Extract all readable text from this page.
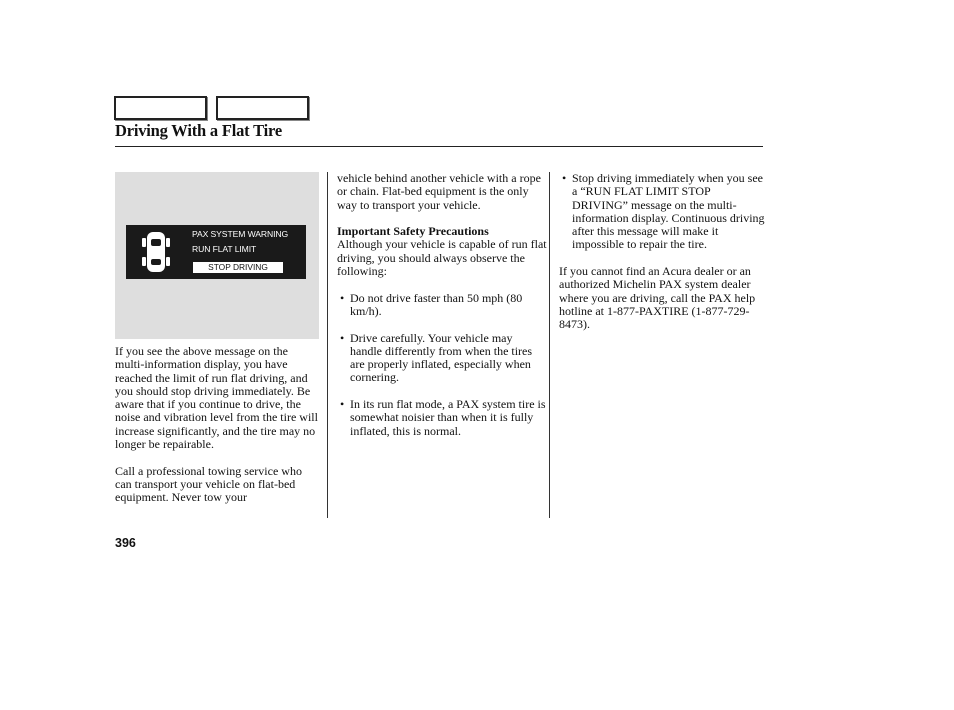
Driving With a Flat Tire
PAX SYSTEM WARNING
RUN FLAT LIMIT
STOP DRIVING

If you see the above message on the multi-information display, you have reached the limit of run flat driving, and you should stop driving immediately. Be aware that if you continue to drive, the noise and vibration level from the tire will increase significantly, and the tire may no longer be repairable.

Call a professional towing service who can transport your vehicle on flat-bed equipment. Never tow your

vehicle behind another vehicle with a rope or chain. Flat-bed equipment is the only way to transport your vehicle.

Important Safety Precautions
Although your vehicle is capable of run flat driving, you should always observe the following:

• Do not drive faster than 50 mph (80 km/h).
• Drive carefully. Your vehicle may handle differently from when the tires are properly inflated, especially when cornering.
• In its run flat mode, a PAX system tire is somewhat noisier than when it is fully inflated, this is normal.
• Stop driving immediately when you see a “RUN FLAT LIMIT STOP DRIVING” message on the multi-information display. Continuous driving after this message will make it impossible to repair the tire.

If you cannot find an Acura dealer or an authorized Michelin PAX system dealer where you are driving, call the PAX help hotline at 1-877-PAXTIRE (1-877-729-8473).

396
